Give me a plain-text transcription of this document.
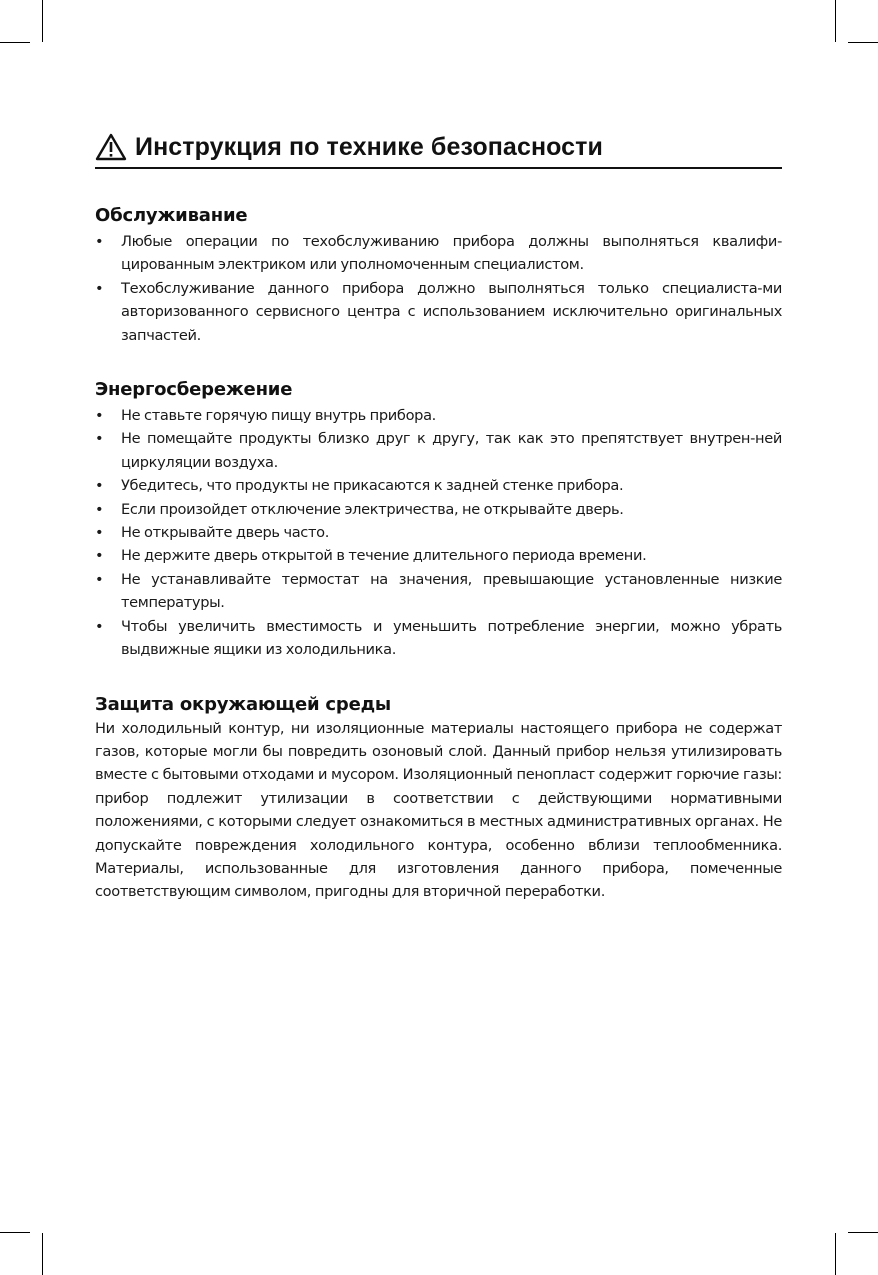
Инструкция по технике безопасности
Обслуживание
• Любые операции по техобслуживанию прибора должны выполняться квалифи-цированным электриком или уполномоченным специалистом.
• Техобслуживание данного прибора должно выполняться только специалиста-ми авторизованного сервисного центра с использованием исключительно оригинальных запчастей.
Энергосбережение
• Не ставьте горячую пищу внутрь прибора.
• Не помещайте продукты близко друг к другу, так как это препятствует внутрен-ней циркуляции воздуха.
• Убедитесь, что продукты не прикасаются к задней стенке прибора.
• Если произойдет отключение электричества, не открывайте дверь.
• Не открывайте дверь часто.
• Не держите дверь открытой в течение длительного периода времени.
• Не устанавливайте термостат на значения, превышающие установленные низкие температуры.
• Чтобы увеличить вместимость и уменьшить потребление энергии, можно убрать выдвижные ящики из холодильника.
Защита окружающей среды

Ни холодильный контур, ни изоляционные материалы настоящего прибора не содержат газов, которые могли бы повредить озоновый слой. Данный прибор нельзя утилизировать вместе с бытовыми отходами и мусором. Изоляционный пенопласт содержит горючие газы: прибор подлежит утилизации в соответствии с действующими нормативными положениями, с которыми следует ознакомиться в местных административных органах. Не допускайте повреждения холодильного контура, особенно вблизи теплообменника. Материалы, использованные для изготовления данного прибора, помеченные соответствующим символом, пригодны для вторичной переработки.
